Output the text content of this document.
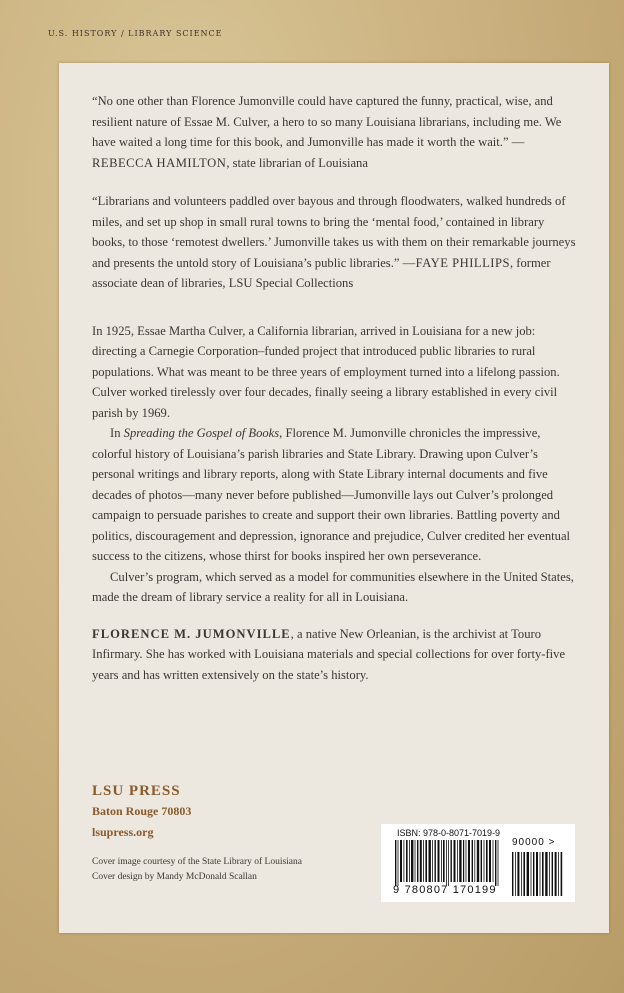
U.S. HISTORY / LIBRARY SCIENCE

“No one other than Florence Jumonville could have captured the funny, practical, wise, and resilient nature of Essae M. Culver, a hero to so many Louisiana librarians, including me. We have waited a long time for this book, and Jumonville has made it worth the wait.” —REBECCA HAMILTON, state librarian of Louisiana

“Librarians and volunteers paddled over bayous and through floodwaters, walked hundreds of miles, and set up shop in small rural towns to bring the ‘mental food,’ contained in library books, to those ‘remotest dwellers.’ Jumonville takes us with them on their remarkable journeys and presents the untold story of Louisiana’s public libraries.” —FAYE PHILLIPS, former associate dean of libraries, LSU Special Collections

In 1925, Essae Martha Culver, a California librarian, arrived in Louisiana for a new job: directing a Carnegie Corporation–funded project that introduced public libraries to rural populations. What was meant to be three years of employment turned into a lifelong passion. Culver worked tirelessly over four decades, finally seeing a library established in every civil parish by 1969.

In Spreading the Gospel of Books, Florence M. Jumonville chronicles the impressive, colorful history of Louisiana’s parish libraries and State Library. Drawing upon Culver’s personal writings and library reports, along with State Library internal documents and five decades of photos—many never before published—Jumonville lays out Culver’s prolonged campaign to persuade parishes to create and support their own libraries. Battling poverty and politics, discouragement and depression, ignorance and prejudice, Culver credited her eventual success to the citizens, whose thirst for books inspired her own perseverance.

Culver’s program, which served as a model for communities elsewhere in the United States, made the dream of library service a reality for all in Louisiana.

FLORENCE M. JUMONVILLE, a native New Orleanian, is the archivist at Touro Infirmary. She has worked with Louisiana materials and special collections for over forty-five years and has written extensively on the state’s history.

LSU PRESS
Baton Rouge 70803
lsupress.org
Cover image courtesy of the State Library of Louisiana
Cover design by Mandy McDonald Scallan
ISBN: 978-0-8071-7019-9
90000 >
9 780807 170199
